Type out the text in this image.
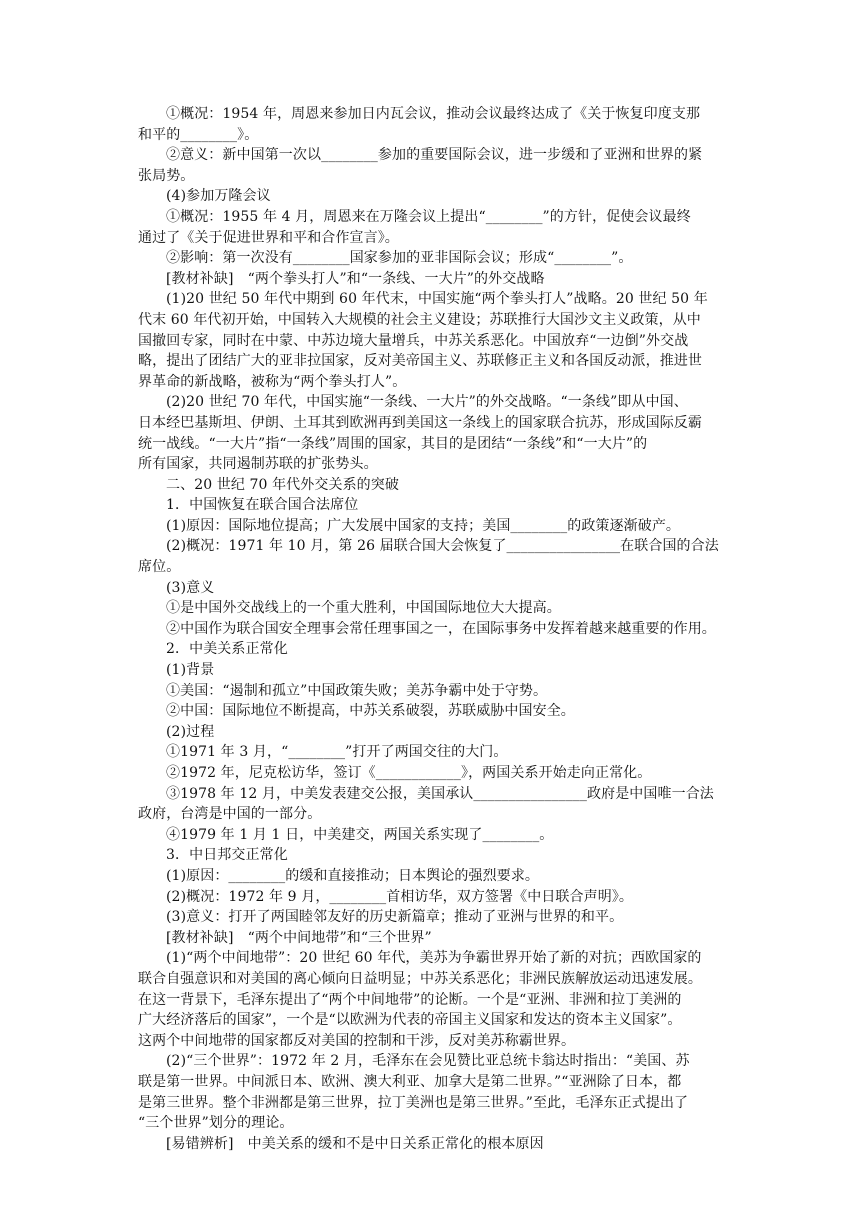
①概况：1954 年，周恩来参加日内瓦会议，推动会议最终达成了《关于恢复印度支那
和平的________》。
②意义：新中国第一次以________参加的重要国际会议，进一步缓和了亚洲和世界的紧
张局势。
(4)参加万隆会议
①概况：1955 年 4 月，周恩来在万隆会议上提出“________”的方针，促使会议最终
通过了《关于促进世界和平和合作宣言》。
②影响：第一次没有________国家参加的亚非国际会议；形成“________”。
[教材补缺]　“两个拳头打人”和“一条线、一大片”的外交战略
(1)20 世纪 50 年代中期到 60 年代末，中国实施“两个拳头打人”战略。20 世纪 50 年
代末 60 年代初开始，中国转入大规模的社会主义建设；苏联推行大国沙文主义政策，从中
国撤回专家，同时在中蒙、中苏边境大量增兵，中苏关系恶化。中国放弃“一边倒”外交战
略，提出了团结广大的亚非拉国家，反对美帝国主义、苏联修正主义和各国反动派，推进世
界革命的新战略，被称为“两个拳头打人”。
(2)20 世纪 70 年代，中国实施“一条线、一大片”的外交战略。“一条线”即从中国、
日本经巴基斯坦、伊朗、土耳其到欧洲再到美国这一条线上的国家联合抗苏，形成国际反霸
统一战线。“一大片”指“一条线”周围的国家，其目的是团结“一条线”和“一大片”的
所有国家，共同遏制苏联的扩张势头。
二、20 世纪 70 年代外交关系的突破
1．中国恢复在联合国合法席位
(1)原因：国际地位提高；广大发展中国家的支持；美国________的政策逐渐破产。
(2)概况：1971 年 10 月，第 26 届联合国大会恢复了________________在联合国的合法
席位。
(3)意义
①是中国外交战线上的一个重大胜利，中国国际地位大大提高。
②中国作为联合国安全理事会常任理事国之一，在国际事务中发挥着越来越重要的作用。
2．中美关系正常化
(1)背景
①美国：“遏制和孤立”中国政策失败；美苏争霸中处于守势。
②中国：国际地位不断提高，中苏关系破裂，苏联威胁中国安全。
(2)过程
①1971 年 3 月，“________”打开了两国交往的大门。
②1972 年，尼克松访华，签订《____________》，两国关系开始走向正常化。
③1978 年 12 月，中美发表建交公报，美国承认________________政府是中国唯一合法
政府，台湾是中国的一部分。
④1979 年 1 月 1 日，中美建交，两国关系实现了________。
3．中日邦交正常化
(1)原因：________的缓和直接推动；日本舆论的强烈要求。
(2)概况：1972 年 9 月，________首相访华，双方签署《中日联合声明》。
(3)意义：打开了两国睦邻友好的历史新篇章；推动了亚洲与世界的和平。
[教材补缺]　“两个中间地带”和“三个世界”
(1)“两个中间地带”：20 世纪 60 年代，美苏为争霸世界开始了新的对抗；西欧国家的
联合自强意识和对美国的离心倾向日益明显；中苏关系恶化；非洲民族解放运动迅速发展。
在这一背景下，毛泽东提出了“两个中间地带”的论断。一个是“亚洲、非洲和拉丁美洲的
广大经济落后的国家”，一个是“以欧洲为代表的帝国主义国家和发达的资本主义国家”。
这两个中间地带的国家都反对美国的控制和干涉，反对美苏称霸世界。
(2)“三个世界”：1972 年 2 月，毛泽东在会见赞比亚总统卡翁达时指出：“美国、苏
联是第一世界。中间派日本、欧洲、澳大利亚、加拿大是第二世界。”“亚洲除了日本，都
是第三世界。整个非洲都是第三世界，拉丁美洲也是第三世界。”至此，毛泽东正式提出了
“三个世界”划分的理论。
[易错辨析]　中美关系的缓和不是中日关系正常化的根本原因
